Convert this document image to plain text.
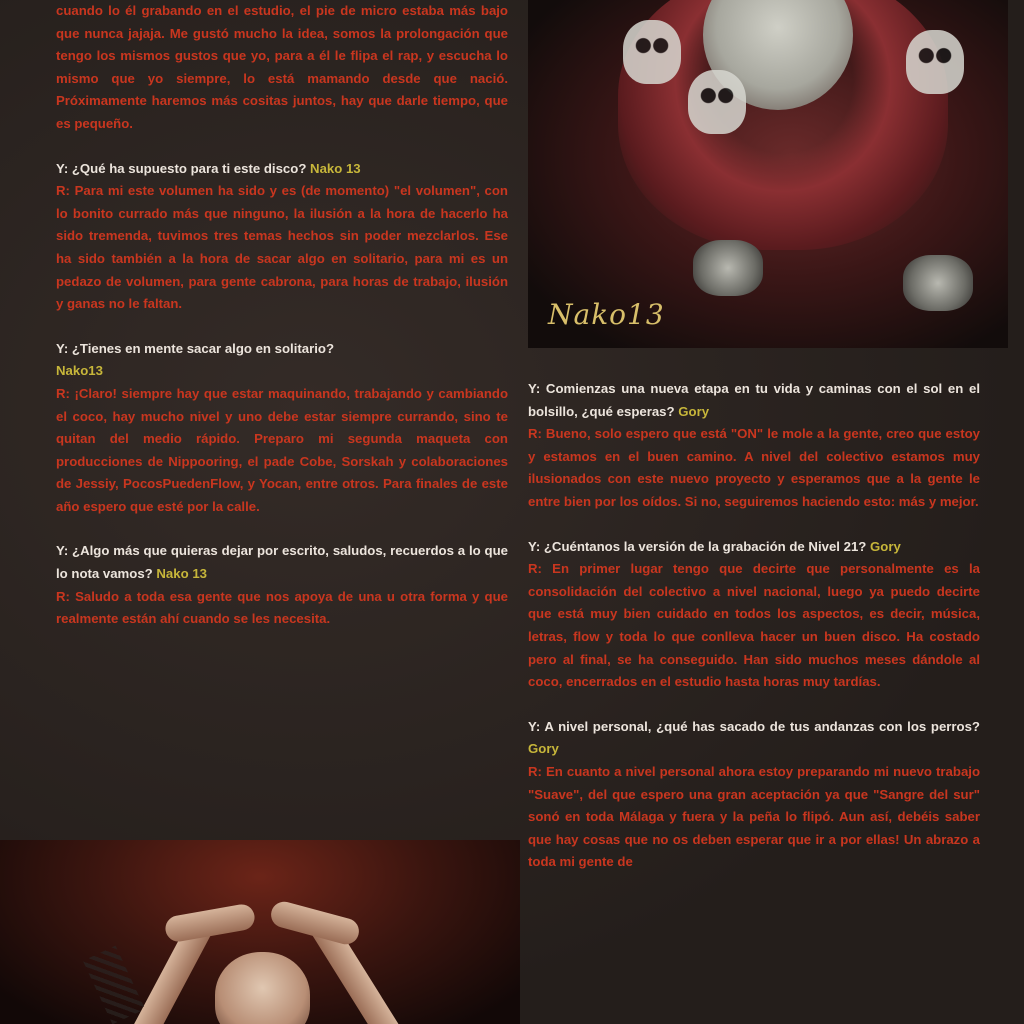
cuando lo él grabando en el estudio, el pie de micro estaba más bajo que nunca jajaja. Me gustó mucho la idea, somos la prolongación que tengo los mismos gustos que yo, para a él le flipa el rap, y escucha lo mismo que yo siempre, lo está mamando desde que nació. Próximamente haremos más cositas juntos, hay que darle tiempo, que es pequeño.

Y: ¿Qué ha supuesto para ti este disco? Nako 13

R: Para mi este volumen ha sido y es (de momento) "el volumen", con lo bonito currado más que ninguno, la ilusión a la hora de hacerlo ha sido tremenda, tuvimos tres temas hechos sin poder mezclarlos. Ese ha sido también a la hora de sacar algo en solitario, para mi es un pedazo de volumen, para gente cabrona, para horas de trabajo, ilusión y ganas no le faltan.

Y: ¿Tienes en mente sacar algo en solitario?
Nako13

R: ¡Claro! siempre hay que estar maquinando, trabajando y cambiando el coco, hay mucho nivel y uno debe estar siempre currando, sino te quitan del medio rápido. Preparo mi segunda maqueta con producciones de Nippooring, el pade Cobe, Sorskah y colaboraciones de Jessiy, PocosPuedenFlow, y Yocan, entre otros. Para finales de este año espero que esté por la calle.

Y: ¿Algo más que quieras dejar por escrito, saludos, recuerdos a lo que lo nota vamos? Nako 13

R: Saludo a toda esa gente que nos apoya de una u otra forma y que realmente están ahí cuando se les necesita.

Nako13

Y: Comienzas una nueva etapa en tu vida y caminas con el sol en el bolsillo, ¿qué esperas? Gory

R: Bueno, solo espero que está "ON" le mole a la gente, creo que estoy y estamos en el buen camino. A nivel del colectivo estamos muy ilusionados con este nuevo proyecto y esperamos que a la gente le entre bien por los oídos. Si no, seguiremos haciendo esto: más y mejor.

Y: ¿Cuéntanos la versión de la grabación de Nivel 21? Gory

R: En primer lugar tengo que decirte que personalmente es la consolidación del colectivo a nivel nacional, luego ya puedo decirte que está muy bien cuidado en todos los aspectos, es decir, música, letras, flow y toda lo que conlleva hacer un buen disco. Ha costado pero al final, se ha conseguido. Han sido muchos meses dándole al coco, encerrados en el estudio hasta horas muy tardías.

Y: A nivel personal, ¿qué has sacado de tus andanzas con los perros? Gory

R: En cuanto a nivel personal ahora estoy preparando mi nuevo trabajo "Suave", del que espero una gran aceptación ya que "Sangre del sur" sonó en toda Málaga y fuera y la peña lo flipó. Aun así, debéis saber que hay cosas que no os deben esperar que ir a por ellas! Un abrazo a toda mi gente de
